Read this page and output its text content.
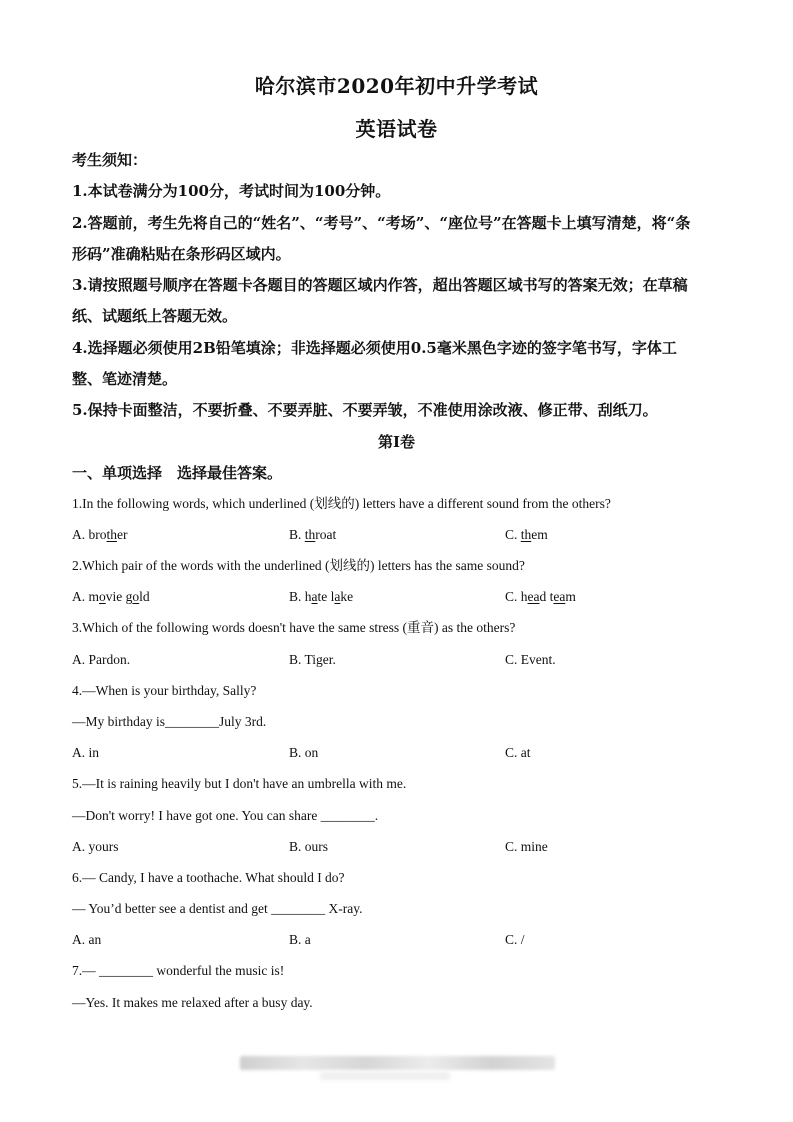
哈尔滨市2020年初中升学考试
英语试卷
考生须知：
1.本试卷满分为100分，考试时间为100分钟。
2.答题前，考生先将自己的“姓名”、“考号”、“考场”、“座位号”在答题卡上填写清楚，将“条
形码”准确粘贴在条形码区域内。
3.请按照题号顺序在答题卡各题目的答题区域内作答，超出答题区域书写的答案无效；在草稿
纸、试题纸上答题无效。
4.选择题必须使用2B铅笔填涂；非选择题必须使用0.5毫米黑色字迹的签字笔书写，字体工
整、笔迹清楚。
5.保持卡面整洁，不要折叠、不要弄脏、不要弄皱，不准使用涂改液、修正带、刮纸刀。
第Ⅰ卷
一、单项选择　选择最佳答案。
1.In the following words, which underlined (划线的) letters have a different sound from the others?
A. brother	B. throat	C. them
2.Which pair of the words with the underlined (划线的) letters has the same sound?
A. movie gold	B. hate lake	C. head team
3.Which of the following words doesn't have the same stress (重音) as the others?
A. Pardon.	B. Tiger.	C. Event.
4.—When is your birthday, Sally?
—My birthday is________July 3rd.
A. in	B. on	C. at
5.—It is raining heavily but I don't have an umbrella with me.
—Don't worry! I have got one. You can share ________.
A. yours	B. ours	C. mine
6.— Candy, I have a toothache. What should I do?
— You’d better see a dentist and get ________ X-ray.
A. an	B. a	C. /
7.— ________ wonderful the music is!
—Yes. It makes me relaxed after a busy day.
